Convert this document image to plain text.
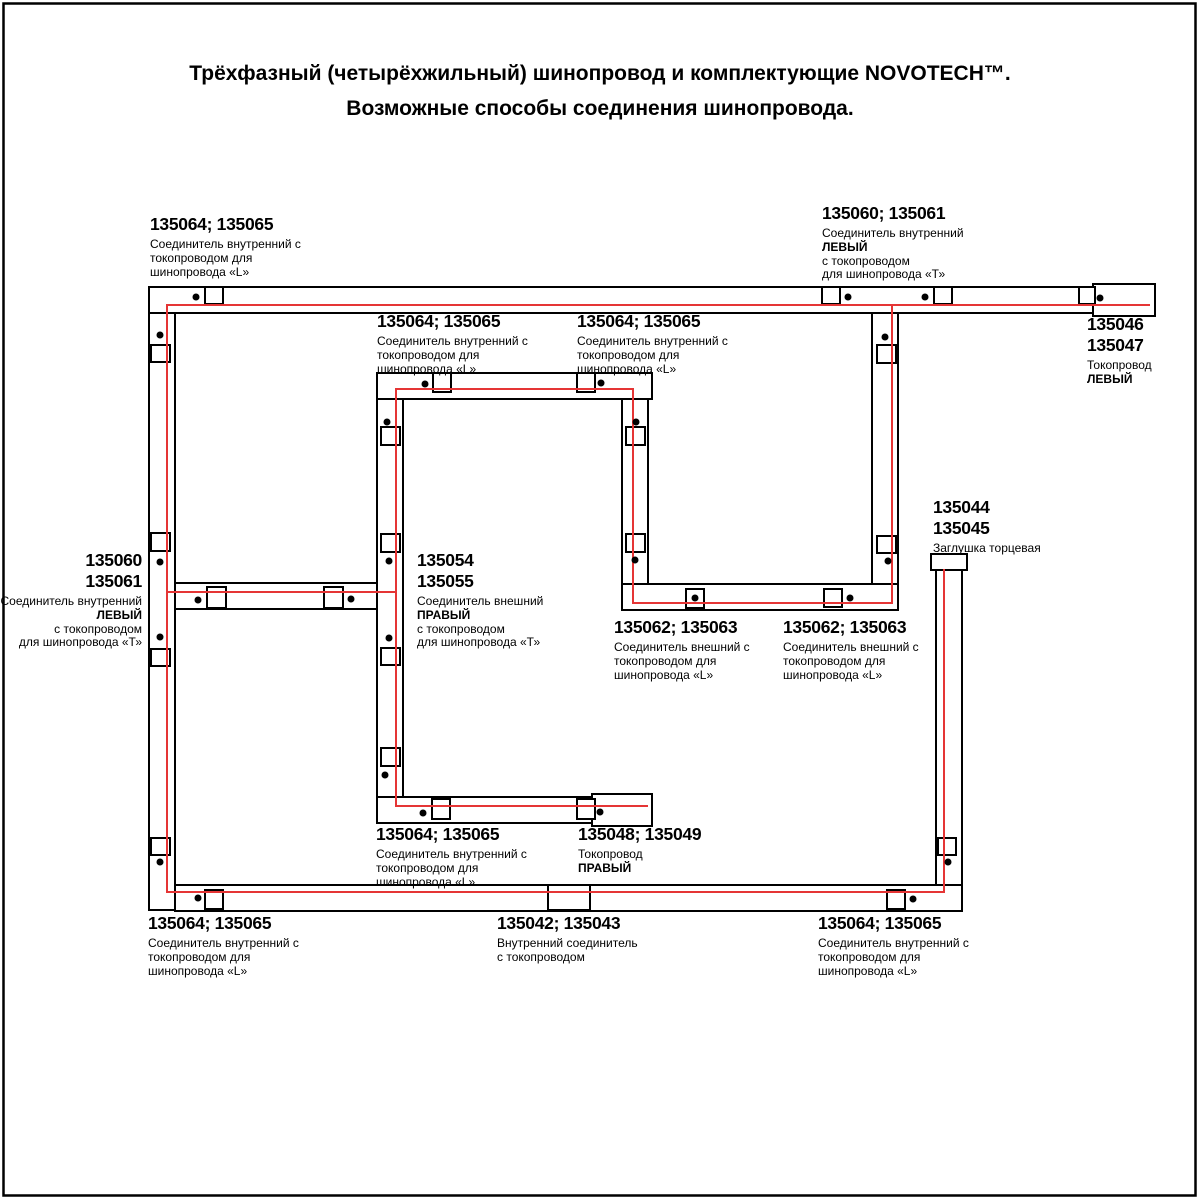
Трёхфазный (четырёхжильный) шинопровод и комплектующие NOVOTECH™.
Возможные способы соединения шинопровода.
135064; 135065
Соединитель внутренний с
токопроводом для
шинопровода «L»
135060; 135061
Соединитель внутренний
ЛЕВЫЙ
с токопроводом
для шинопровода «Т»
135046
135047
Токопровод
ЛЕВЫЙ
135064; 135065
Соединитель внутренний с
токопроводом для
шинопровода «L»
135064; 135065
Соединитель внутренний с
токопроводом для
шинопровода «L»
135044
135045
Заглушка торцевая
135060
135061
Соединитель внутренний
ЛЕВЫЙ
с токопроводом
для шинопровода «Т»
135054
135055
Соединитель внешний
ПРАВЫЙ
с токопроводом
для шинопровода «Т»
135062; 135063
Соединитель внешний с
токопроводом для
шинопровода «L»
135062; 135063
Соединитель внешний с
токопроводом для
шинопровода «L»
135064; 135065
Соединитель внутренний с
токопроводом для
шинопровода «L»
135048; 135049
Токопровод
ПРАВЫЙ
135064; 135065
Соединитель внутренний с
токопроводом для
шинопровода «L»
135042; 135043
Внутренний соединитель
с токопроводом
135064; 135065
Соединитель внутренний с
токопроводом для
шинопровода «L»
